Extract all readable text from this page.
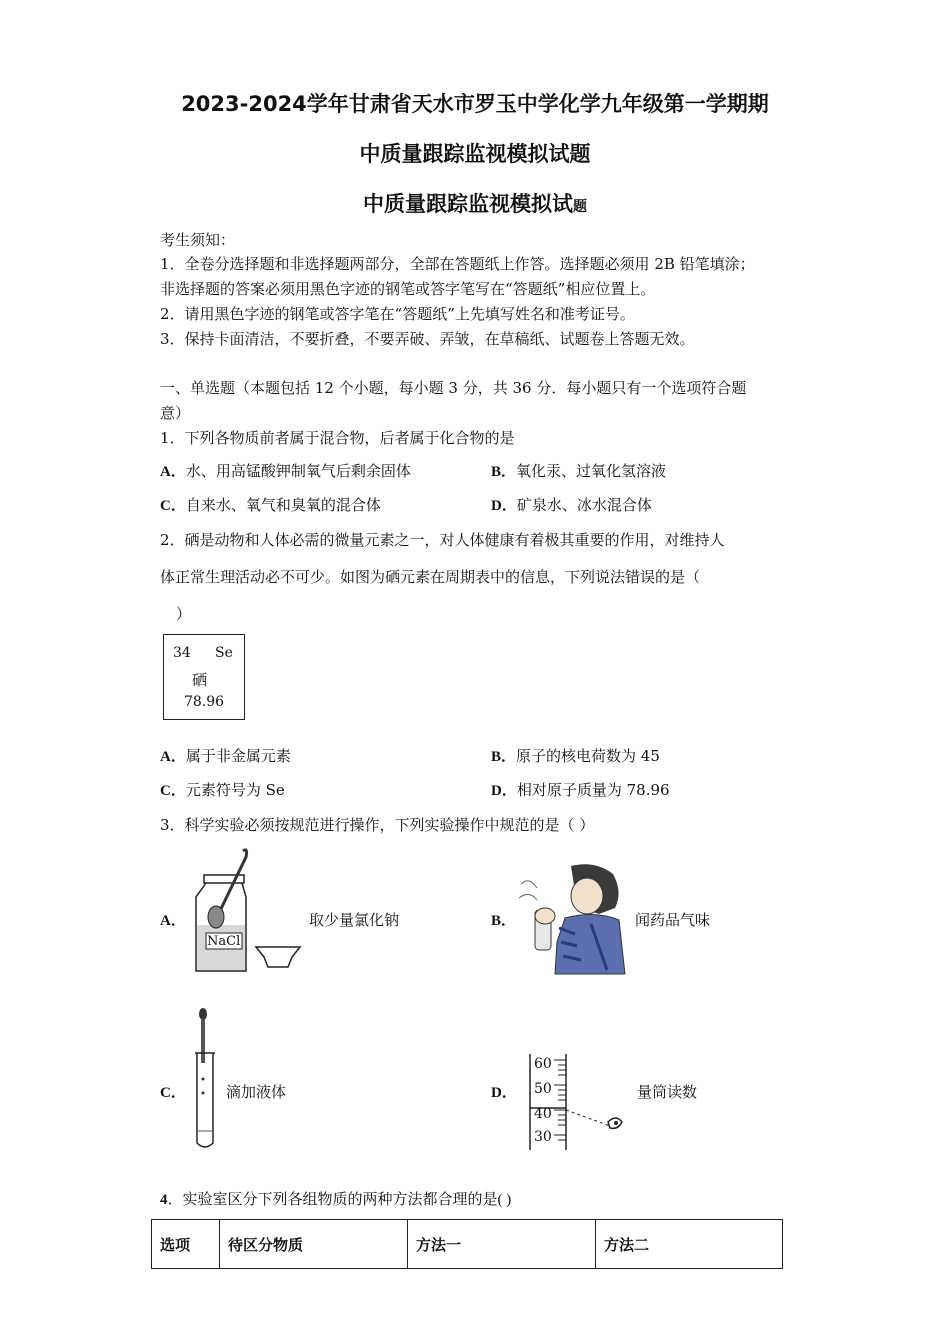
2023-2024学年甘肃省天水市罗玉中学化学九年级第一学期期
中质量跟踪监视模拟试题
中质量跟踪监视模拟试题
考生须知：
1．全卷分选择题和非选择题两部分，全部在答题纸上作答。选择题必须用 2B 铅笔填涂；
非选择题的答案必须用黑色字迹的钢笔或答字笔写在“答题纸”相应位置上。
2．请用黑色字迹的钢笔或答字笔在“答题纸”上先填写姓名和准考证号。
3．保持卡面清洁，不要折叠，不要弄破、弄皱，在草稿纸、试题卷上答题无效。
一、单选题（本题包括 12 个小题，每小题 3 分，共 36 分．每小题只有一个选项符合题
意）
1．下列各物质前者属于混合物，后者属于化合物的是
A．水、用高锰酸钾制氧气后剩余固体	B．氧化汞、过氧化氢溶液
C．自来水、氧气和臭氧的混合体	D．矿泉水、冰水混合体
2．硒是动物和人体必需的微量元素之一，对人体健康有着极其重要的作用，对维持人
体正常生理活动必不可少。如图为硒元素在周期表中的信息，下列说法错误的是（
）
34 Se
硒
78.96
A．属于非金属元素	B．原子的核电荷数为 45
C．元素符号为 Se	D．相对原子质量为 78.96
3．科学实验必须按规范进行操作，下列实验操作中规范的是（ ）
A．
NaCl
取少量氯化钠	B．	闻药品气味
C．	滴加液体	D．
60
50
40
30
量筒读数
4．实验室区分下列各组物质的两种方法都合理的是( )
选项	待区分物质	方法一	方法二
